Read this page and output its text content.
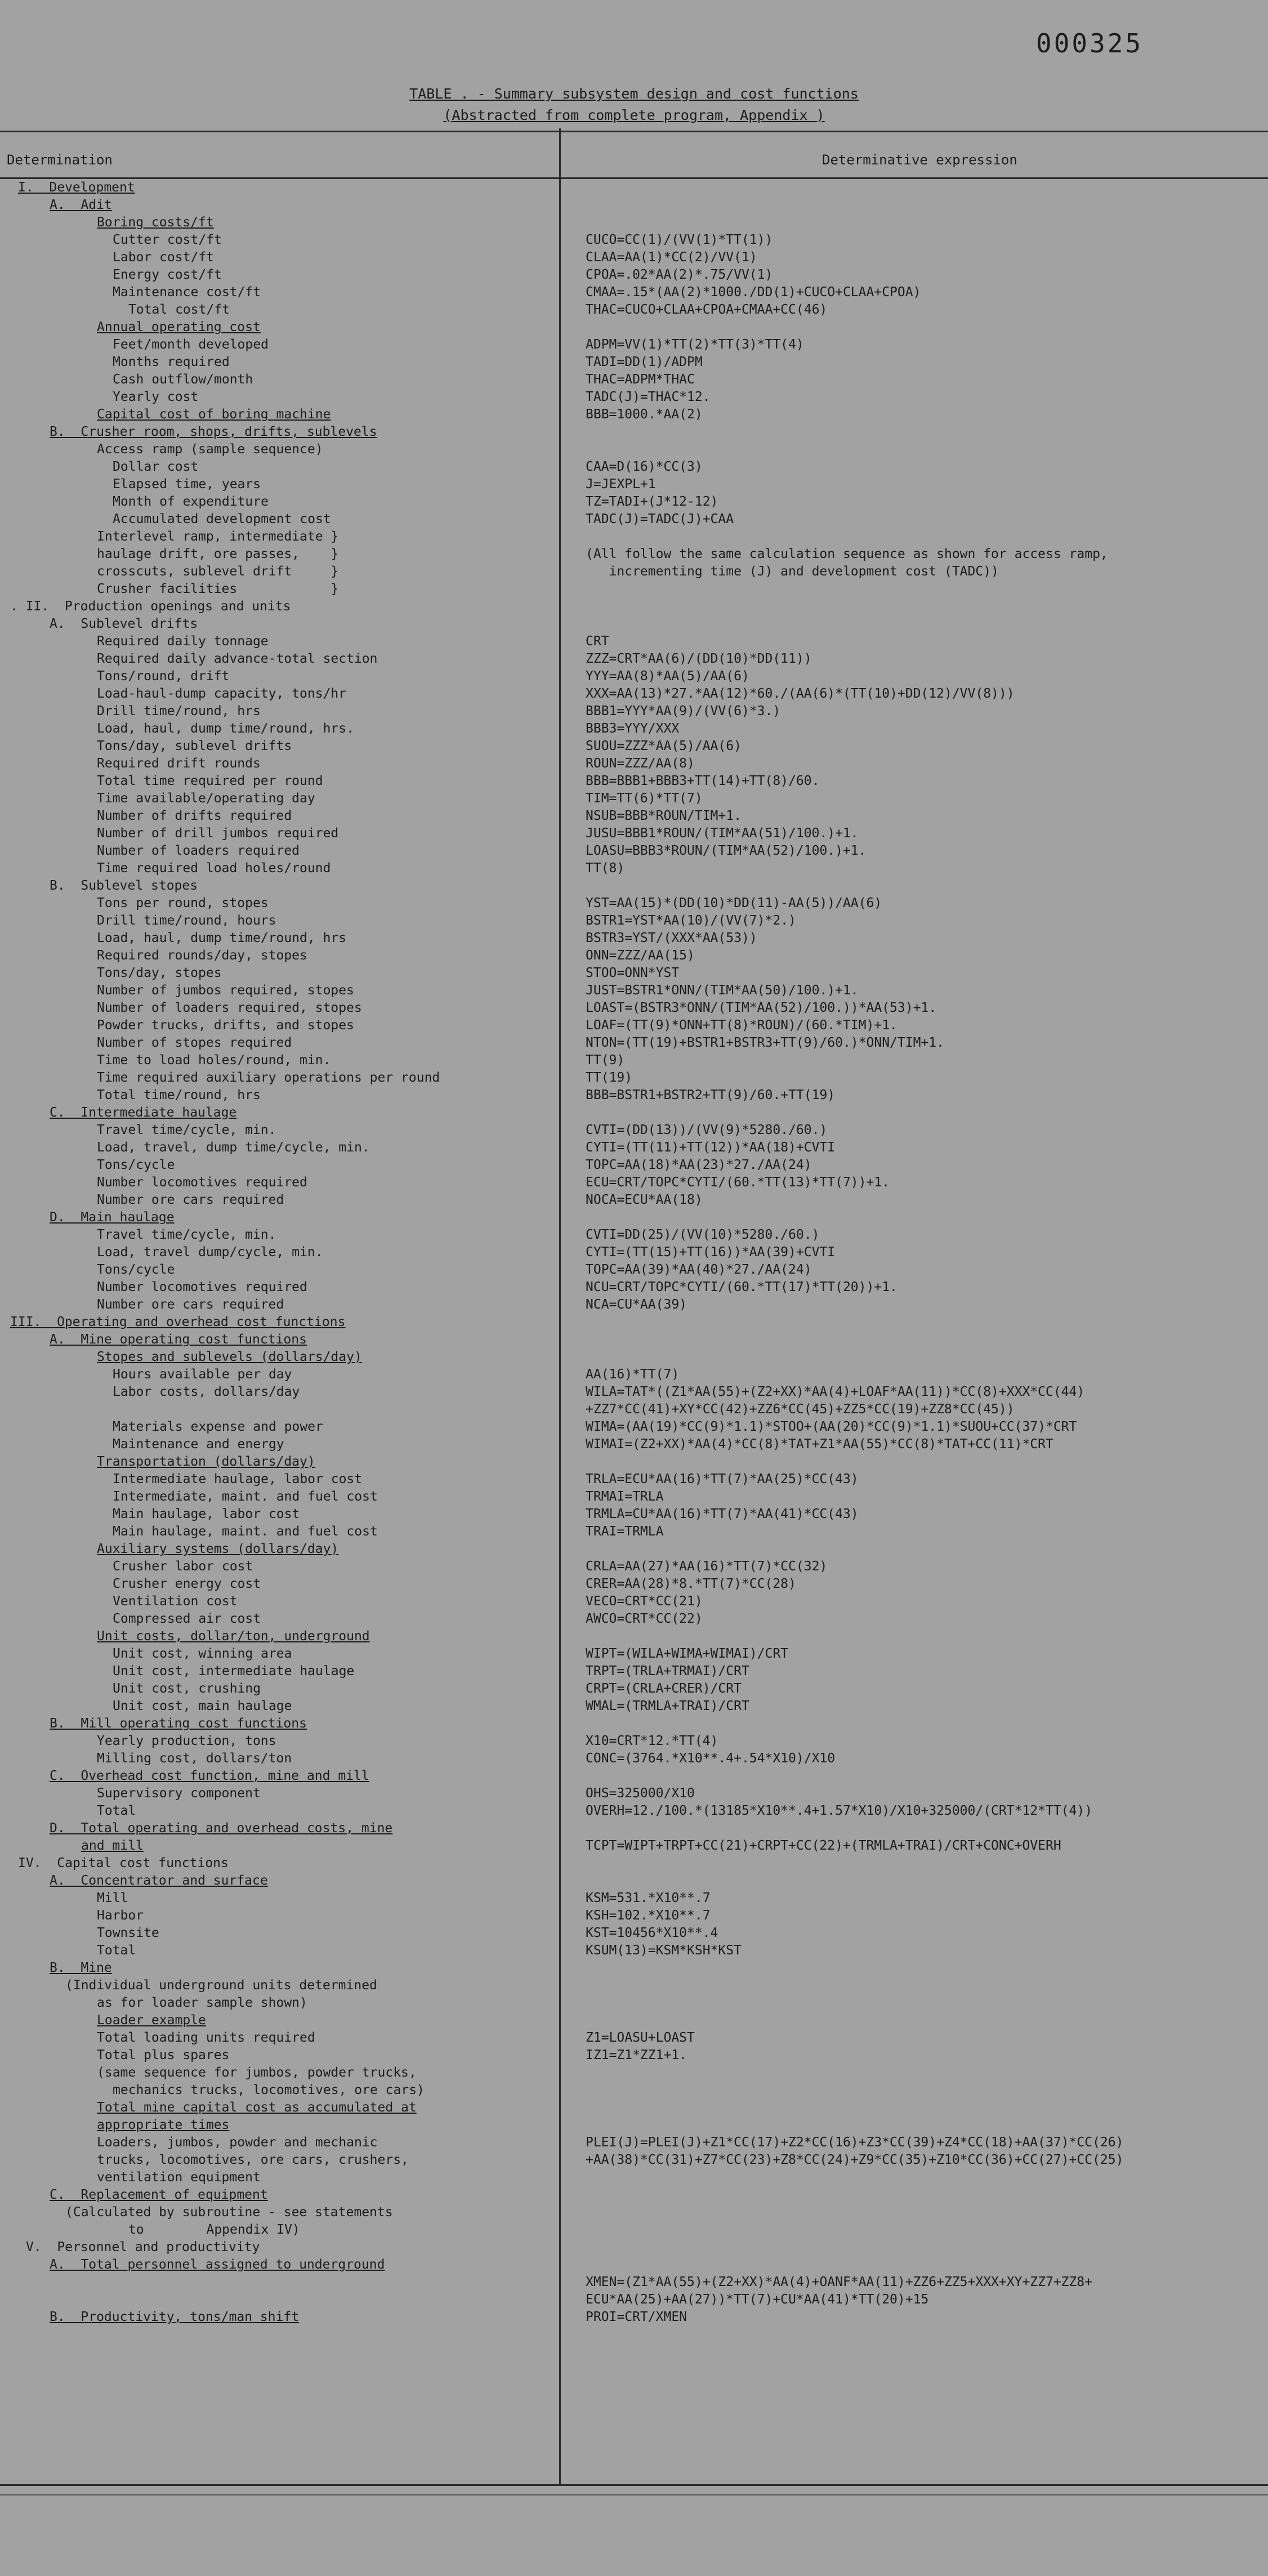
000325
TABLE . - Summary subsystem design and cost functions
(Abstracted from complete program, Appendix )
Determination	Determinative expression
I.  Development
A.  Adit
Boring costs/ft
Cutter cost/ft	CUCO=CC(1)/(VV(1)*TT(1))
Labor cost/ft	CLAA=AA(1)*CC(2)/VV(1)
Energy cost/ft	CPOA=.02*AA(2)*.75/VV(1)
Maintenance cost/ft	CMAA=.15*(AA(2)*1000./DD(1)+CUCO+CLAA+CPOA)
Total cost/ft	THAC=CUCO+CLAA+CPOA+CMAA+CC(46)
Annual operating cost
Feet/month developed	ADPM=VV(1)*TT(2)*TT(3)*TT(4)
Months required	TADI=DD(1)/ADPM
Cash outflow/month	THAC=ADPM*THAC
Yearly cost	TADC(J)=THAC*12.
Capital cost of boring machine	BBB=1000.*AA(2)
B.  Crusher room, shops, drifts, sublevels
Access ramp (sample sequence)
Dollar cost	CAA=D(16)*CC(3)
Elapsed time, years	J=JEXPL+1
Month of expenditure	TZ=TADI+(J*12-12)
Accumulated development cost	TADC(J)=TADC(J)+CAA
Interlevel ramp, intermediate }
haulage drift, ore passes,    }	(All follow the same calculation sequence as shown for access ramp,
crosscuts, sublevel drift     }	incrementing time (J) and development cost (TADC))
Crusher facilities            }
. II.  Production openings and units
A.  Sublevel drifts
Required daily tonnage	CRT
Required daily advance-total section	ZZZ=CRT*AA(6)/(DD(10)*DD(11))
Tons/round, drift	YYY=AA(8)*AA(5)/AA(6)
Load-haul-dump capacity, tons/hr	XXX=AA(13)*27.*AA(12)*60./(AA(6)*(TT(10)+DD(12)/VV(8)))
Drill time/round, hrs	BBB1=YYY*AA(9)/(VV(6)*3.)
Load, haul, dump time/round, hrs.	BBB3=YYY/XXX
Tons/day, sublevel drifts	SUOU=ZZZ*AA(5)/AA(6)
Required drift rounds	ROUN=ZZZ/AA(8)
Total time required per round	BBB=BBB1+BBB3+TT(14)+TT(8)/60.
Time available/operating day	TIM=TT(6)*TT(7)
Number of drifts required	NSUB=BBB*ROUN/TIM+1.
Number of drill jumbos required	JUSU=BBB1*ROUN/(TIM*AA(51)/100.)+1.
Number of loaders required	LOASU=BBB3*ROUN/(TIM*AA(52)/100.)+1.
Time required load holes/round	TT(8)
B.  Sublevel stopes
Tons per round, stopes	YST=AA(15)*(DD(10)*DD(11)-AA(5))/AA(6)
Drill time/round, hours	BSTR1=YST*AA(10)/(VV(7)*2.)
Load, haul, dump time/round, hrs	BSTR3=YST/(XXX*AA(53))
Required rounds/day, stopes	ONN=ZZZ/AA(15)
Tons/day, stopes	STOO=ONN*YST
Number of jumbos required, stopes	JUST=BSTR1*ONN/(TIM*AA(50)/100.)+1.
Number of loaders required, stopes	LOAST=(BSTR3*ONN/(TIM*AA(52)/100.))*AA(53)+1.
Powder trucks, drifts, and stopes	LOAF=(TT(9)*ONN+TT(8)*ROUN)/(60.*TIM)+1.
Number of stopes required	NTON=(TT(19)+BSTR1+BSTR3+TT(9)/60.)*ONN/TIM+1.
Time to load holes/round, min.	TT(9)
Time required auxiliary operations per round	TT(19)
Total time/round, hrs	BBB=BSTR1+BSTR2+TT(9)/60.+TT(19)
C.  Intermediate haulage
Travel time/cycle, min.	CVTI=(DD(13))/(VV(9)*5280./60.)
Load, travel, dump time/cycle, min.	CYTI=(TT(11)+TT(12))*AA(18)+CVTI
Tons/cycle	TOPC=AA(18)*AA(23)*27./AA(24)
Number locomotives required	ECU=CRT/TOPC*CYTI/(60.*TT(13)*TT(7))+1.
Number ore cars required	NOCA=ECU*AA(18)
D.  Main haulage
Travel time/cycle, min.	CVTI=DD(25)/(VV(10)*5280./60.)
Load, travel dump/cycle, min.	CYTI=(TT(15)+TT(16))*AA(39)+CVTI
Tons/cycle	TOPC=AA(39)*AA(40)*27./AA(24)
Number locomotives required	NCU=CRT/TOPC*CYTI/(60.*TT(17)*TT(20))+1.
Number ore cars required	NCA=CU*AA(39)
III.  Operating and overhead cost functions
A.  Mine operating cost functions
Stopes and sublevels (dollars/day)
Hours available per day	AA(16)*TT(7)
Labor costs, dollars/day	WILA=TAT*((Z1*AA(55)+(Z2+XX)*AA(4)+LOAF*AA(11))*CC(8)+XXX*CC(44)
+ZZ7*CC(41)+XY*CC(42)+ZZ6*CC(45)+ZZ5*CC(19)+ZZ8*CC(45))
Materials expense and power	WIMA=(AA(19)*CC(9)*1.1)*STOO+(AA(20)*CC(9)*1.1)*SUOU+CC(37)*CRT
Maintenance and energy	WIMAI=(Z2+XX)*AA(4)*CC(8)*TAT+Z1*AA(55)*CC(8)*TAT+CC(11)*CRT
Transportation (dollars/day)
Intermediate haulage, labor cost	TRLA=ECU*AA(16)*TT(7)*AA(25)*CC(43)
Intermediate, maint. and fuel cost	TRMAI=TRLA
Main haulage, labor cost	TRMLA=CU*AA(16)*TT(7)*AA(41)*CC(43)
Main haulage, maint. and fuel cost	TRAI=TRMLA
Auxiliary systems (dollars/day)
Crusher labor cost	CRLA=AA(27)*AA(16)*TT(7)*CC(32)
Crusher energy cost	CRER=AA(28)*8.*TT(7)*CC(28)
Ventilation cost	VECO=CRT*CC(21)
Compressed air cost	AWCO=CRT*CC(22)
Unit costs, dollar/ton, underground
Unit cost, winning area	WIPT=(WILA+WIMA+WIMAI)/CRT
Unit cost, intermediate haulage	TRPT=(TRLA+TRMAI)/CRT
Unit cost, crushing	CRPT=(CRLA+CRER)/CRT
Unit cost, main haulage	WMAL=(TRMLA+TRAI)/CRT
B.  Mill operating cost functions
Yearly production, tons	X10=CRT*12.*TT(4)
Milling cost, dollars/ton	CONC=(3764.*X10**.4+.54*X10)/X10
C.  Overhead cost function, mine and mill
Supervisory component	OHS=325000/X10
Total	OVERH=12./100.*(13185*X10**.4+1.57*X10)/X10+325000/(CRT*12*TT(4))
D.  Total operating and overhead costs, mine
and mill	TCPT=WIPT+TRPT+CC(21)+CRPT+CC(22)+(TRMLA+TRAI)/CRT+CONC+OVERH
IV.  Capital cost functions
A.  Concentrator and surface
Mill	KSM=531.*X10**.7
Harbor	KSH=102.*X10**.7
Townsite	KST=10456*X10**.4
Total	KSUM(13)=KSM*KSH*KST
B.  Mine
(Individual underground units determined
as for loader sample shown)
Loader example
Total loading units required	Z1=LOASU+LOAST
Total plus spares	IZ1=Z1*ZZ1+1.
(same sequence for jumbos, powder trucks,
mechanics trucks, locomotives, ore cars)
Total mine capital cost as accumulated at
appropriate times
Loaders, jumbos, powder and mechanic	PLEI(J)=PLEI(J)+Z1*CC(17)+Z2*CC(16)+Z3*CC(39)+Z4*CC(18)+AA(37)*CC(26)
trucks, locomotives, ore cars, crushers,	+AA(38)*CC(31)+Z7*CC(23)+Z8*CC(24)+Z9*CC(35)+Z10*CC(36)+CC(27)+CC(25)
ventilation equipment
C.  Replacement of equipment
(Calculated by subroutine - see statements
to        Appendix IV)
V.  Personnel and productivity
A.  Total personnel assigned to underground
XMEN=(Z1*AA(55)+(Z2+XX)*AA(4)+OANF*AA(11)+ZZ6+ZZ5+XXX+XY+ZZ7+ZZ8+
ECU*AA(25)+AA(27))*TT(7)+CU*AA(41)*TT(20)+15
B.  Productivity, tons/man shift	PROI=CRT/XMEN
